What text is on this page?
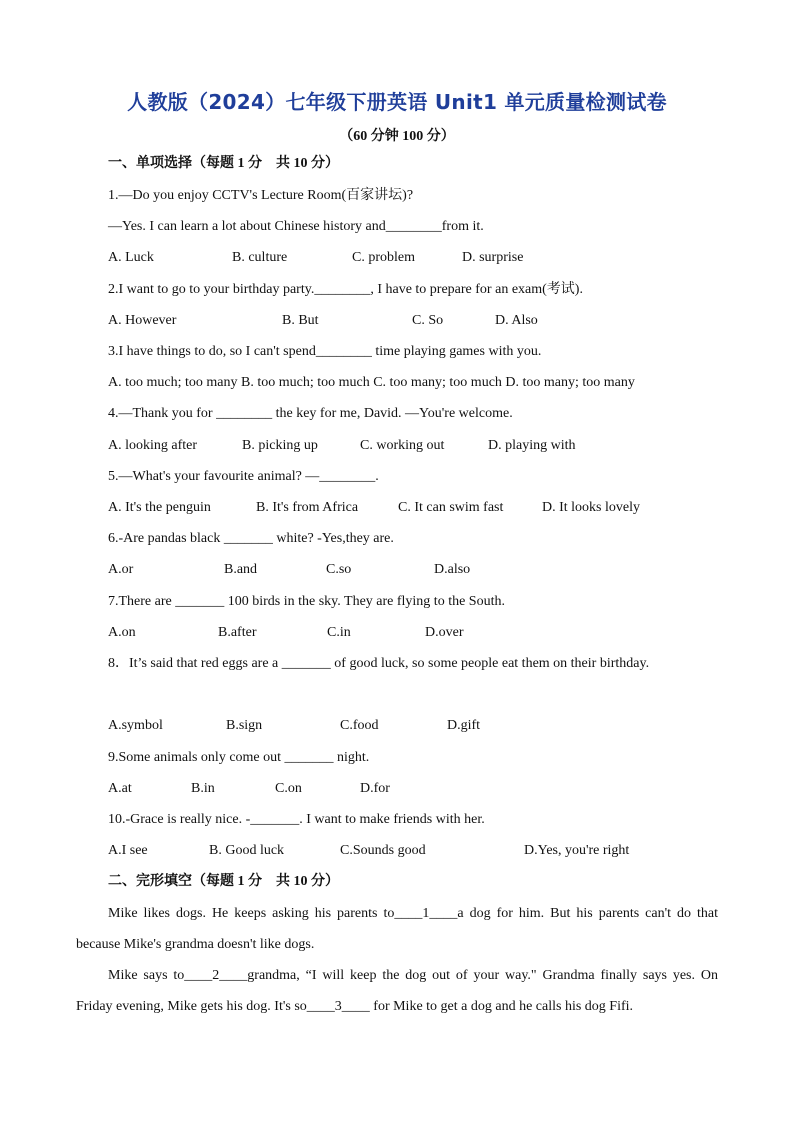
人教版（2024）七年级下册英语 Unit1 单元质量检测试卷
（60 分钟 100 分）
一、单项选择（每题 1 分　共 10 分）
1.—Do you enjoy CCTV's Lecture Room(百家讲坛)?
—Yes. I can learn a lot about Chinese history and________from it.
A. Luck	B. culture	C. problem	D. surprise
2.I want to go to your birthday party.________, I have to prepare for an exam(考试).
A. However	B. But	C. So	D. Also
3.I have things to do, so I can't spend________ time playing games with you.
A. too much; too many B. too much; too much C. too many; too much D. too many; too many
4.—Thank you for ________ the key for me, David. —You're welcome.
A. looking after	B. picking up	C. working out	D. playing with
5.—What's your favourite animal? —________.
A. It's the penguin	B. It's from Africa	C. It can swim fast	D. It looks lovely
6.-Are pandas black _______ white? -Yes,they are.
A.or	B.and	C.so	D.also
7.There are _______ 100 birds in the sky. They are flying to the South.
A.on	B.after	C.in	D.over
8．It’s said that red eggs are a _______ of good luck, so some people eat them on their birthday.
A.symbol	B.sign	C.food	D.gift
9.Some animals only come out _______ night.
A.at	B.in	C.on	D.for
10.-Grace is really nice. -_______. I want to make friends with her.
A.I see	B. Good luck	C.Sounds good	D.Yes, you're right
二、完形填空（每题 1 分　共 10 分）
Mike likes dogs. He keeps asking his parents to____1____a dog for him. But his parents can't do that because Mike's grandma doesn't like dogs.
Mike says to____2____grandma, “I will keep the dog out of your way." Grandma finally says yes. On Friday evening, Mike gets his dog. It's so____3____ for Mike to get a dog and he calls his dog Fifi.
